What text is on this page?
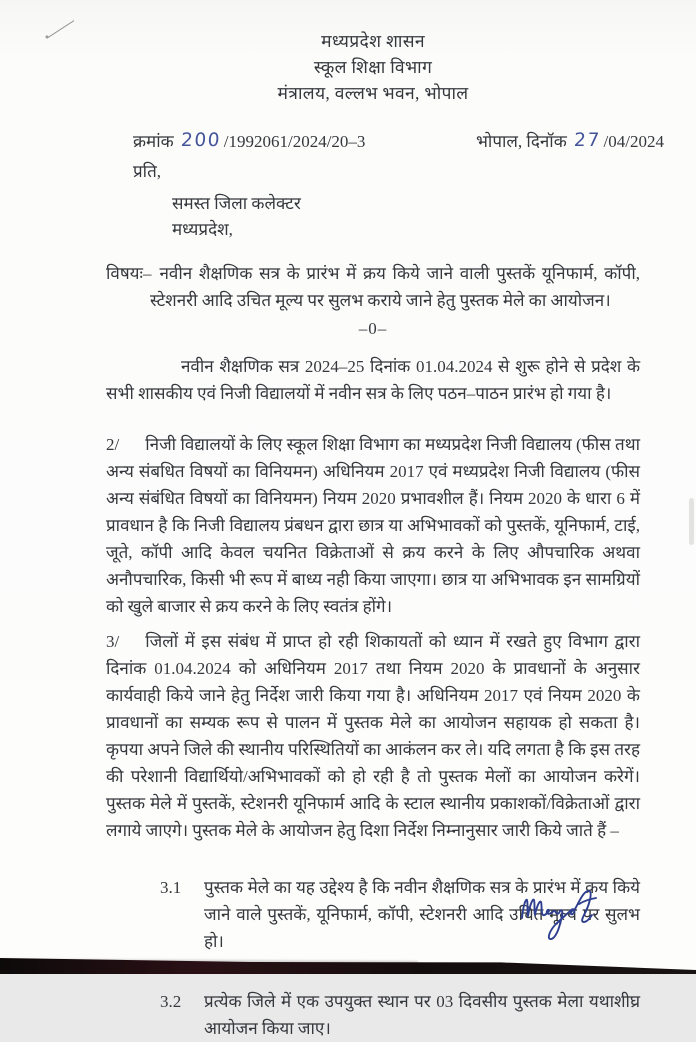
मध्यप्रदेश शासन
स्कूल शिक्षा विभाग
मंत्रालय, वल्लभ भवन, भोपाल
क्रमांक 200 /1992061/2024/20–3	भोपाल, दिनॉक 27 /04/2024
प्रति,
समस्त जिला कलेक्टर
मध्यप्रदेश,
विषयः– नवीन शैक्षणिक सत्र के प्रारंभ में क्रय किये जाने वाली पुस्तकें यूनिफार्म, कॉपी, स्टेशनरी आदि उचित मूल्य पर सुलभ कराये जाने हेतु पुस्तक मेले का आयोजन।
–0–
नवीन शैक्षणिक सत्र 2024–25 दिनांक 01.04.2024 से शुरू होने से प्रदेश के सभी शासकीय एवं निजी विद्यालयों में नवीन सत्र के लिए पठन–पाठन प्रारंभ हो गया है।
2/ निजी विद्यालयों के लिए स्कूल शिक्षा विभाग का मध्यप्रदेश निजी विद्यालय (फीस तथा अन्य संबधित विषयों का विनियमन) अधिनियम 2017 एवं मध्यप्रदेश निजी विद्यालय (फीस अन्य संबंधित विषयों का विनियमन) नियम 2020 प्रभावशील हैं। नियम 2020 के धारा 6 में प्रावधान है कि निजी विद्यालय प्रंबधन द्वारा छात्र या अभिभावकों को पुस्तकें, यूनिफार्म, टाई, जूते, कॉपी आदि केवल चयनित विक्रेताओं से क्रय करने के लिए औपचारिक अथवा अनौपचारिक, किसी भी रूप में बाध्य नही किया जाएगा। छात्र या अभिभावक इन सामग्रियों को खुले बाजार से क्रय करने के लिए स्वतंत्र होंगे।
3/ जिलों में इस संबंध में प्राप्त हो रही शिकायतों को ध्यान में रखते हुए विभाग द्वारा दिनांक 01.04.2024 को अधिनियम 2017 तथा नियम 2020 के प्रावधानों के अनुसार कार्यवाही किये जाने हेतु निर्देश जारी किया गया है। अधिनियम 2017 एवं नियम 2020 के प्रावधानों का सम्यक रूप से पालन में पुस्तक मेले का आयोजन सहायक हो सकता है। कृपया अपने जिले की स्थानीय परिस्थितियों का आकंलन कर ले। यदि लगता है कि इस तरह की परेशानी विद्यार्थियो/अभिभावकों को हो रही है तो पुस्तक मेलों का आयोजन करेगें। पुस्तक मेले में पुस्तकें, स्टेशनरी यूनिफार्म आदि के स्टाल स्थानीय प्रकाशकों/विक्रेताओं द्वारा लगाये जाएगे। पुस्तक मेले के आयोजन हेतु दिशा निर्देश निम्नानुसार जारी किये जाते हैं –
3.1	पुस्तक मेले का यह उद्देश्य है कि नवीन शैक्षणिक सत्र के प्रारंभ में क्रय किये जाने वाले पुस्तकें, यूनिफार्म, कॉपी, स्टेशनरी आदि उचित मूल्य पर सुलभ हो।
3.2	प्रत्येक जिले में एक उपयुक्त स्थान पर 03 दिवसीय पुस्तक मेला यथाशीघ्र आयोजन किया जाए।
